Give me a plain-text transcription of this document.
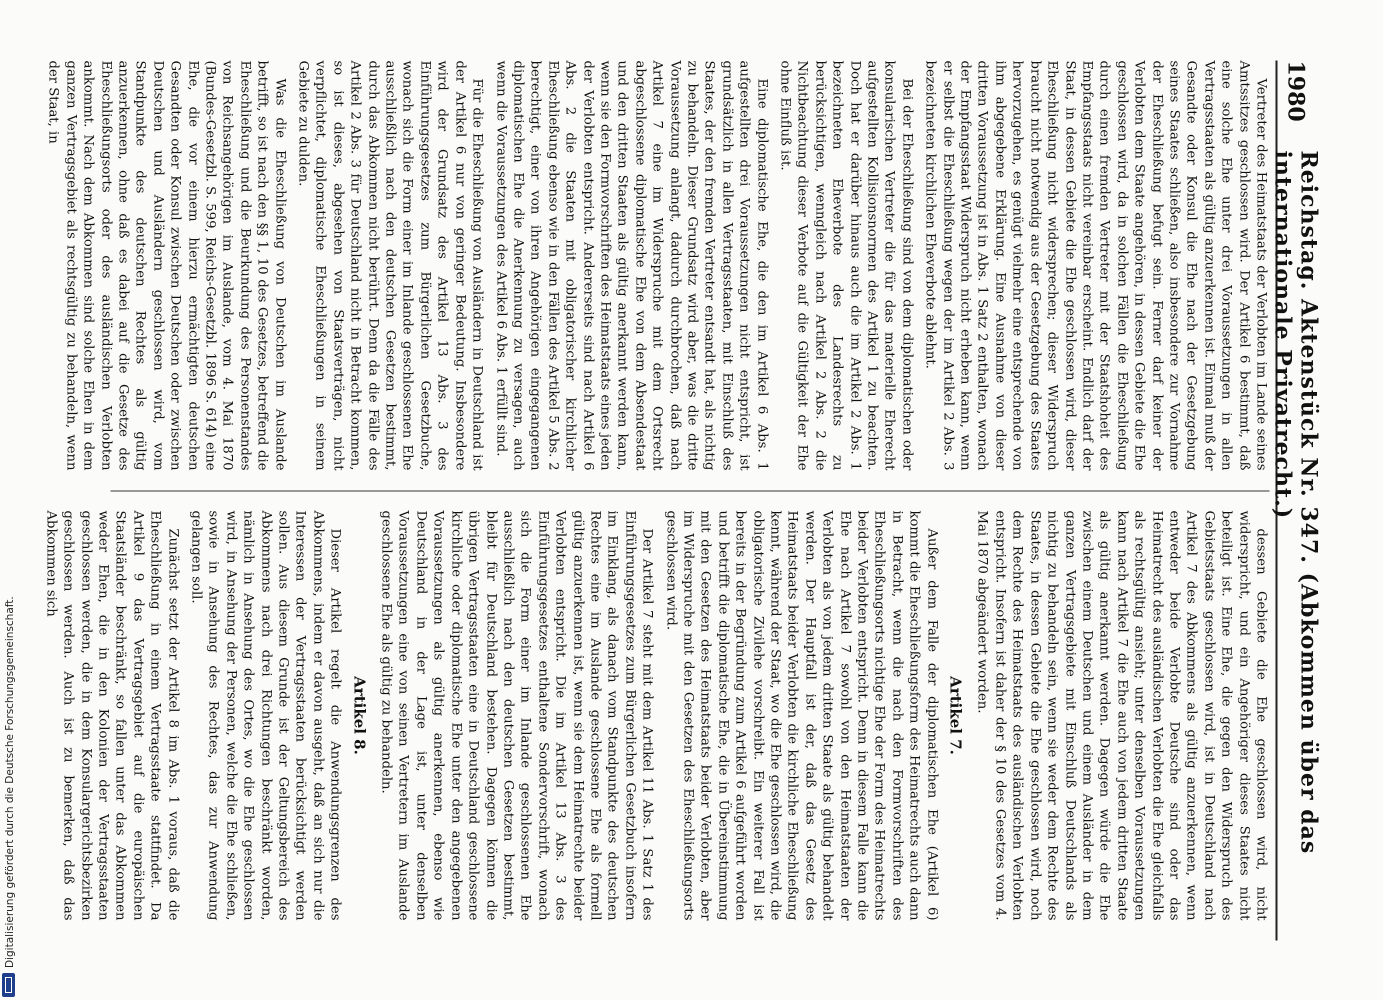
1980
Reichstag. Aktenstück Nr. 347. (Abkommen über das internationale Privatrecht.)

Vertreter des Heimatstaats der Verlobten im Lande seines Amtssitzes geschlossen wird. Der Artikel 6 bestimmt, daß eine solche Ehe unter drei Voraussetzungen in allen Vertragsstaaten als gültig anzuerkennen ist. Einmal muß der Gesandte oder Konsul die Ehe nach der Gesetzgebung seines Staates schließen, also insbesondere zur Vornahme der Eheschließung befugt sein. Ferner darf keiner der Verlobten dem Staate angehören, in dessen Gebiete die Ehe geschlossen wird, da in solchen Fällen die Eheschließung durch einen fremden Vertreter mit der Staatshoheit des Empfangsstaats nicht vereinbar erscheint. Endlich darf der Staat, in dessen Gebiete die Ehe geschlossen wird, dieser Eheschließung nicht widersprechen; dieser Widerspruch braucht nicht notwendig aus der Gesetzgebung des Staates hervorzugehen, es genügt vielmehr eine entsprechende von ihm abgegebene Erklärung. Eine Ausnahme von dieser dritten Voraussetzung ist in Abs. 1 Satz 2 enthalten, wonach der Empfangsstaat Widerspruch nicht erheben kann, wenn er selbst die Eheschließung wegen der im Artikel 2 Abs. 3 bezeichneten kirchlichen Eheverbote ablehnt.

Bei der Eheschließung sind von dem diplomatischen oder konsularischen Vertreter die für das materielle Eherecht aufgestellten Kollisionsnormen des Artikel 1 zu beachten. Doch hat er darüber hinaus auch die im Artikel 2 Abs. 1 bezeichneten Eheverbote des Landesrechts zu berücksichtigen, wenngleich nach Artikel 2 Abs. 2 die Nichtbeachtung dieser Verbote auf die Gültigkeit der Ehe ohne Einfluß ist.

Eine diplomatische Ehe, die den im Artikel 6 Abs. 1 aufgestellten drei Voraussetzungen nicht entspricht, ist grundsätzlich in allen Vertragsstaaten, mit Einschluß des Staates, der den fremden Vertreter entsandt hat, als nichtig zu behandeln. Dieser Grundsatz wird aber, was die dritte Voraussetzung anlangt, dadurch durchbrochen, daß nach Artikel 7 eine im Widerspruche mit dem Ortsrecht abgeschlossene diplomatische Ehe von dem Absendestaat und den dritten Staaten als gültig anerkannt werden kann, wenn sie den Formvorschriften des Heimatstaats eines jeden der Verlobten entspricht. Andererseits sind nach Artikel 6 Abs. 2 die Staaten mit obligatorischer kirchlicher Eheschließung ebenso wie in den Fällen des Artikel 5 Abs. 2 berechtigt, einer von ihren Angehörigen eingegangenen diplomatischen Ehe die Anerkennung zu versagen, auch wenn die Voraussetzungen des Artikel 6 Abs. 1 erfüllt sind.

Für die Eheschließung von Ausländern in Deutschland ist der Artikel 6 nur von geringer Bedeutung. Insbesondere wird der Grundsatz des Artikel 13 Abs. 3 des Einführungsgesetzes zum Bürgerlichen Gesetzbuche, wonach sich die Form einer im Inlande geschlossenen Ehe ausschließlich nach den deutschen Gesetzen bestimmt, durch das Abkommen nicht berührt. Denn da die Fälle des Artikel 2 Abs. 3 für Deutschland nicht in Betracht kommen, so ist dieses, abgesehen von Staatsverträgen, nicht verpflichtet, diplomatische Eheschließungen in seinem Gebiete zu dulden.

Was die Eheschließung von Deutschen im Auslande betrifft, so ist nach den §§ 1, 10 des Gesetzes, betreffend die Eheschließung und die Beurkundung des Personenstandes von Reichsangehörigen im Auslande, vom 4. Mai 1870 (Bundes-Gesetzbl. S. 599, Reichs-Gesetzbl. 1896 S. 614) eine Ehe, die vor einem hierzu ermächtigten deutschen Gesandten oder Konsul zwischen Deutschen oder zwischen Deutschen und Ausländern geschlossen wird, vom Standpunkte des deutschen Rechtes als gültig anzuerkennen, ohne daß es dabei auf die Gesetze des Eheschließungsorts oder des ausländischen Verlobten ankommt. Nach dem Abkommen sind solche Ehen in dem ganzen Vertragsgebiet als rechtsgültig zu behandeln, wenn der Staat, in

dessen Gebiete die Ehe geschlossen wird, nicht widerspricht, und ein Angehöriger dieses Staates nicht beteiligt ist. Eine Ehe, die gegen den Widerspruch des Gebietsstaats geschlossen wird, ist in Deutschland nach Artikel 7 des Abkommens als gültig anzuerkennen, wenn entweder beide Verlobte Deutsche sind oder das Heimatrecht des ausländischen Verlobten die Ehe gleichfalls als rechtsgültig ansieht; unter denselben Voraussetzungen kann nach Artikel 7 die Ehe auch von jedem dritten Staate als gültig anerkannt werden. Dagegen würde die Ehe zwischen einem Deutschen und einem Ausländer in dem ganzen Vertragsgebiete mit Einschluß Deutschlands als nichtig zu behandeln sein, wenn sie weder dem Rechte des Staates, in dessen Gebiete die Ehe geschlossen wird, noch dem Rechte des Heimatstaats des ausländischen Verlobten entspricht. Insofern ist daher der § 10 des Gesetzes vom 4. Mai 1870 abgeändert worden.

Artikel 7.

Außer dem Falle der diplomatischen Ehe (Artikel 6) kommt die Eheschließungsform des Heimatrechts auch dann in Betracht, wenn die nach den Formvorschriften des Eheschließungsorts nichtige Ehe der Form des Heimatrechts beider Verlobten entspricht. Denn in diesem Falle kann die Ehe nach Artikel 7 sowohl von den Heimatstaaten der Verlobten als von jedem dritten Staate als gültig behandelt werden. Der Hauptfall ist der, daß das Gesetz des Heimatstaats beider Verlobten die kirchliche Eheschließung kennt, während der Staat, wo die Ehe geschlossen wird, die obligatorische Zivilehe vorschreibt. Ein weiterer Fall ist bereits in der Begründung zum Artikel 6 aufgeführt worden und betrifft die diplomatische Ehe, die in Übereinstimmung mit den Gesetzen des Heimatstaats beider Verlobten, aber im Widerspruche mit den Gesetzen des Eheschließungsorts geschlossen wird.

Der Artikel 7 steht mit dem Artikel 11 Abs. 1 Satz 1 des Einführungsgesetzes zum Bürgerlichen Gesetzbuch insofern im Einklang, als danach vom Standpunkte des deutschen Rechtes eine im Auslande geschlossene Ehe als formell gültig anzuerkennen ist, wenn sie dem Heimatrechte beider Verlobten entspricht. Die im Artikel 13 Abs. 3 des Einführungsgesetzes enthaltene Sondervorschrift, wonach sich die Form einer im Inlande geschlossenen Ehe ausschließlich nach den deutschen Gesetzen bestimmt, bleibt für Deutschland bestehen. Dagegen können die übrigen Vertragsstaaten eine in Deutschland geschlossene kirchliche oder diplomatische Ehe unter den angegebenen Voraussetzungen als gültig anerkennen, ebenso wie Deutschland in der Lage ist, unter denselben Voraussetzungen eine von seinen Vertretern im Auslande geschlossene Ehe als gültig zu behandeln.

Artikel 8.

Dieser Artikel regelt die Anwendungsgrenzen des Abkommens, indem er davon ausgeht, daß an sich nur die Interessen der Vertragsstaaten berücksichtigt werden sollen. Aus diesem Grunde ist der Geltungsbereich des Abkommens nach drei Richtungen beschränkt worden, nämlich in Ansehung des Ortes, wo die Ehe geschlossen wird, in Ansehung der Personen, welche die Ehe schließen, sowie in Ansehung des Rechtes, das zur Anwendung gelangen soll.

Zunächst setzt der Artikel 8 im Abs. 1 voraus, daß die Eheschließung in einem Vertragsstaate stattfindet. Da Artikel 9 das Vertragsgebiet auf die europäischen Staatsländer beschränkt, so fallen unter das Abkommen weder Ehen, die in den Kolonien der Vertragsstaaten geschlossen werden, die in dem Konsulargerichtsbezirken geschlossen werden. Auch ist zu bemerken, daß das Abkommen sich

Digitalisierung gefördert durch die Deutsche Forschungsgemeinschaft.
